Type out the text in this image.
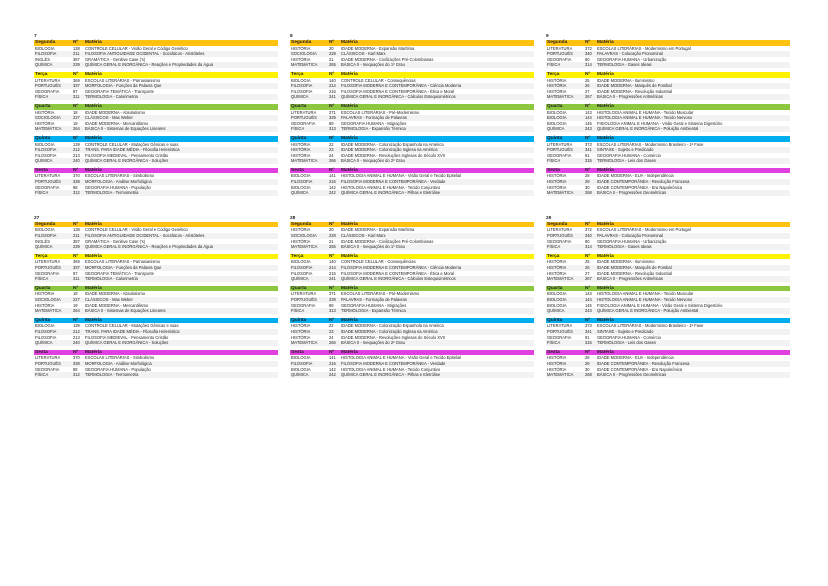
7
Segunda	Nº	Matéria
BIOLOGIA	138	CONTROLE CELULAR - Visão Geral e Código Genético
FILOSOFIA	211	FILOSOFIA ANTIGUIDADE OCIDENTAL - Socráticos - Aristóteles
INGLÊS	387	GRAMÁTICA - Genitive Case ('s)
QUÍMICA	239	QUÍMICA GERAL E INORGÂNICA - Reações e Propriedades da Água
Terça	Nº	Matéria
LITERATURA	369	ESCOLAS LITERÁRIAS - Parnasianismo
PORTUGUÊS	337	MORFOLOGIA - Funções da Palavra Que
GEOGRAFIA	87	GEOGRAFIA TEMÁTICA - Transporte
FÍSICA	311	TERMOLOGIA - Calorimetria
Quarta	Nº	Matéria
HISTÓRIA	18	IDADE MODERNA - Absolutismo
SOCIOLOGIA	227	CLÁSSICOS - Max Weber
HISTÓRIA	19	IDADE MODERNA - Mercantilismo
MATEMÁTICA	264	BÁSICA II - Sistemas de Equações Lineares
Quinta	Nº	Matéria
BIOLOGIA	139	CONTROLE CELULAR - Mutações Gênicas e suas
FILOSOFIA	212	TRANS. PARA IDADE MÉDIA - Filosofia Helenística
FILOSOFIA	213	FILOSOFIA MEDIEVAL - Pensamento Cristão
QUÍMICA	240	QUÍMICA GERAL E INORGÂNICA - Soluções
Sexta	Nº	Matéria
LITERATURA	370	ESCOLAS LITERÁRIAS - Simbolismo
PORTUGUÊS	338	MORFOLOGIA - Análise Morfológica
GEOGRAFIA	88	GEOGRAFIA HUMANA - População
FÍSICA	312	TERMOLOGIA - Termometria
8
Segunda	Nº	Matéria
HISTÓRIA	20	IDADE MODERNA - Expansão Marítima
SOCIOLOGIA	228	CLÁSSICOS - Karl Marx
HISTÓRIA	21	IDADE MODERNA - Civilizações Pré-Colombianas
MATEMÁTICA	265	BÁSICA II - Inequações do 1º Grau
Terça	Nº	Matéria
BIOLOGIA	140	CONTROLE CELULAR - Consequências
FILOSOFIA	214	FILOSOFIA MODERNA E CONTEMPORÂNEA - Ciência Moderna
FILOSOFIA	215	FILOSOFIA MODERNA E CONTEMPORÂNEA - Ética e Moral
QUÍMICA	241	QUÍMICA GERAL E INORGÂNICA - Cálculos Estequiométricos
Quarta	Nº	Matéria
LITERATURA	371	ESCOLAS LITERÁRIAS - Pré-Modernismo
PORTUGUÊS	339	PALAVRAS - Formação de Palavras
GEOGRAFIA	89	GEOGRAFIA HUMANA - Migrações
FÍSICA	313	TERMOLOGIA - Expansão Térmica
Quinta	Nº	Matéria
HISTÓRIA	22	IDADE MODERNA - Colonização Espanhola na América
HISTÓRIA	23	IDADE MODERNA - Colonização Inglesa na América
HISTÓRIA	24	IDADE MODERNA - Revoluções Inglesas do Século XVII
MATEMÁTICA	266	BÁSICA II - Inequações do 2º Grau
Sexta	Nº	Matéria
BIOLOGIA	141	HISTOLOGIA ANIMAL E HUMANA - Visão Geral e Tecido Epitelial
FILOSOFIA	216	FILOSOFIA MODERNA E CONTEMPORÂNEA - Verdade
BIOLOGIA	142	HISTOLOGIA ANIMAL E HUMANA - Tecido Conjuntivo
QUÍMICA	242	QUÍMICA GERAL E INORGÂNICA - Pilhas e Eletrólise
9
Segunda	Nº	Matéria
LITERATURA	372	ESCOLAS LITERÁRIAS - Modernismo em Portugal
PORTUGUÊS	340	PALAVRAS - Colocação Pronominal
GEOGRAFIA	90	GEOGRAFIA HUMANA - Urbanização
FÍSICA	314	TERMOLOGIA - Gases Ideais
Terça	Nº	Matéria
HISTÓRIA	25	IDADE MODERNA - Iluminismo
HISTÓRIA	26	IDADE MODERNA - Marquês de Pombal
HISTÓRIA	27	IDADE MODERNA - Revolução Industrial
MATEMÁTICA	267	BÁSICA II - Progressões Aritméticas
Quarta	Nº	Matéria
BIOLOGIA	143	HISTOLOGIA ANIMAL E HUMANA - Tecido Muscular
BIOLOGIA	144	HISTOLOGIA ANIMAL E HUMANA - Tecido Nervoso
BIOLOGIA	145	FISIOLOGIA ANIMAL E HUMANA - Visão Geral e Sistema Digestório
QUÍMICA	243	QUÍMICA GERAL E INORGÂNICA - Poluição Ambiental
Quinta	Nº	Matéria
LITERATURA	373	ESCOLAS LITERÁRIAS - Modernismo Brasileiro - 1ª Fase
PORTUGUÊS	341	SINTAXE - Sujeito e Predicado
GEOGRAFIA	91	GEOGRAFIA HUMANA - Comércio
FÍSICA	315	TERMOLOGIA - Leis dos Gases
Sexta	Nº	Matéria
HISTÓRIA	28	IDADE MODERNA - EUA - Independência
HISTÓRIA	29	IDADE CONTEMPORÂNEA - Revolução Francesa
HISTÓRIA	30	IDADE CONTEMPORÂNEA - Era Napoleônica
MATEMÁTICA	268	BÁSICA II - Progressões Geométricas
27
Segunda	Nº	Matéria
BIOLOGIA	138	CONTROLE CELULAR - Visão Geral e Código Genético
FILOSOFIA	211	FILOSOFIA ANTIGUIDADE OCIDENTAL - Socráticos - Aristóteles
INGLÊS	387	GRAMÁTICA - Genitive Case ('s)
QUÍMICA	239	QUÍMICA GERAL E INORGÂNICA - Reações e Propriedades da Água
Terça	Nº	Matéria
LITERATURA	369	ESCOLAS LITERÁRIAS - Parnasianismo
PORTUGUÊS	337	MORFOLOGIA - Funções da Palavra Que
GEOGRAFIA	87	GEOGRAFIA TEMÁTICA - Transporte
FÍSICA	311	TERMOLOGIA - Calorimetria
Quarta	Nº	Matéria
HISTÓRIA	18	IDADE MODERNA - Absolutismo
SOCIOLOGIA	227	CLÁSSICOS - Max Weber
HISTÓRIA	19	IDADE MODERNA - Mercantilismo
MATEMÁTICA	264	BÁSICA II - Sistemas de Equações Lineares
Quinta	Nº	Matéria
BIOLOGIA	139	CONTROLE CELULAR - Mutações Gênicas e suas
FILOSOFIA	212	TRANS. PARA IDADE MÉDIA - Filosofia Helenística
FILOSOFIA	213	FILOSOFIA MEDIEVAL - Pensamento Cristão
QUÍMICA	240	QUÍMICA GERAL E INORGÂNICA - Soluções
Sexta	Nº	Matéria
LITERATURA	370	ESCOLAS LITERÁRIAS - Simbolismo
PORTUGUÊS	338	MORFOLOGIA - Análise Morfológica
GEOGRAFIA	88	GEOGRAFIA HUMANA - População
FÍSICA	312	TERMOLOGIA - Termometria
28
Segunda	Nº	Matéria
HISTÓRIA	20	IDADE MODERNA - Expansão Marítima
SOCIOLOGIA	228	CLÁSSICOS - Karl Marx
HISTÓRIA	21	IDADE MODERNA - Civilizações Pré-Colombianas
MATEMÁTICA	265	BÁSICA II - Inequações do 1º Grau
Terça	Nº	Matéria
BIOLOGIA	140	CONTROLE CELULAR - Consequências
FILOSOFIA	214	FILOSOFIA MODERNA E CONTEMPORÂNEA - Ciência Moderna
FILOSOFIA	215	FILOSOFIA MODERNA E CONTEMPORÂNEA - Ética e Moral
QUÍMICA	241	QUÍMICA GERAL E INORGÂNICA - Cálculos Estequiométricos
Quarta	Nº	Matéria
LITERATURA	371	ESCOLAS LITERÁRIAS - Pré-Modernismo
PORTUGUÊS	339	PALAVRAS - Formação de Palavras
GEOGRAFIA	89	GEOGRAFIA HUMANA - Migrações
FÍSICA	313	TERMOLOGIA - Expansão Térmica
Quinta	Nº	Matéria
HISTÓRIA	22	IDADE MODERNA - Colonização Espanhola na América
HISTÓRIA	23	IDADE MODERNA - Colonização Inglesa na América
HISTÓRIA	24	IDADE MODERNA - Revoluções Inglesas do Século XVII
MATEMÁTICA	266	BÁSICA II - Inequações do 2º Grau
Sexta	Nº	Matéria
BIOLOGIA	141	HISTOLOGIA ANIMAL E HUMANA - Visão Geral e Tecido Epitelial
FILOSOFIA	216	FILOSOFIA MODERNA E CONTEMPORÂNEA - Verdade
BIOLOGIA	142	HISTOLOGIA ANIMAL E HUMANA - Tecido Conjuntivo
QUÍMICA	242	QUÍMICA GERAL E INORGÂNICA - Pilhas e Eletrólise
29
Segunda	Nº	Matéria
LITERATURA	372	ESCOLAS LITERÁRIAS - Modernismo em Portugal
PORTUGUÊS	340	PALAVRAS - Colocação Pronominal
GEOGRAFIA	90	GEOGRAFIA HUMANA - Urbanização
FÍSICA	314	TERMOLOGIA - Gases Ideais
Terça	Nº	Matéria
HISTÓRIA	25	IDADE MODERNA - Iluminismo
HISTÓRIA	26	IDADE MODERNA - Marquês de Pombal
HISTÓRIA	27	IDADE MODERNA - Revolução Industrial
MATEMÁTICA	267	BÁSICA II - Progressões Aritméticas
Quarta	Nº	Matéria
BIOLOGIA	143	HISTOLOGIA ANIMAL E HUMANA - Tecido Muscular
BIOLOGIA	144	HISTOLOGIA ANIMAL E HUMANA - Tecido Nervoso
BIOLOGIA	145	FISIOLOGIA ANIMAL E HUMANA - Visão Geral e Sistema Digestório
QUÍMICA	243	QUÍMICA GERAL E INORGÂNICA - Poluição Ambiental
Quinta	Nº	Matéria
LITERATURA	373	ESCOLAS LITERÁRIAS - Modernismo Brasileiro - 1ª Fase
PORTUGUÊS	341	SINTAXE - Sujeito e Predicado
GEOGRAFIA	91	GEOGRAFIA HUMANA - Comércio
FÍSICA	315	TERMOLOGIA - Leis dos Gases
Sexta	Nº	Matéria
HISTÓRIA	28	IDADE MODERNA - EUA - Independência
HISTÓRIA	29	IDADE CONTEMPORÂNEA - Revolução Francesa
HISTÓRIA	30	IDADE CONTEMPORÂNEA - Era Napoleônica
MATEMÁTICA	268	BÁSICA II - Progressões Geométricas
